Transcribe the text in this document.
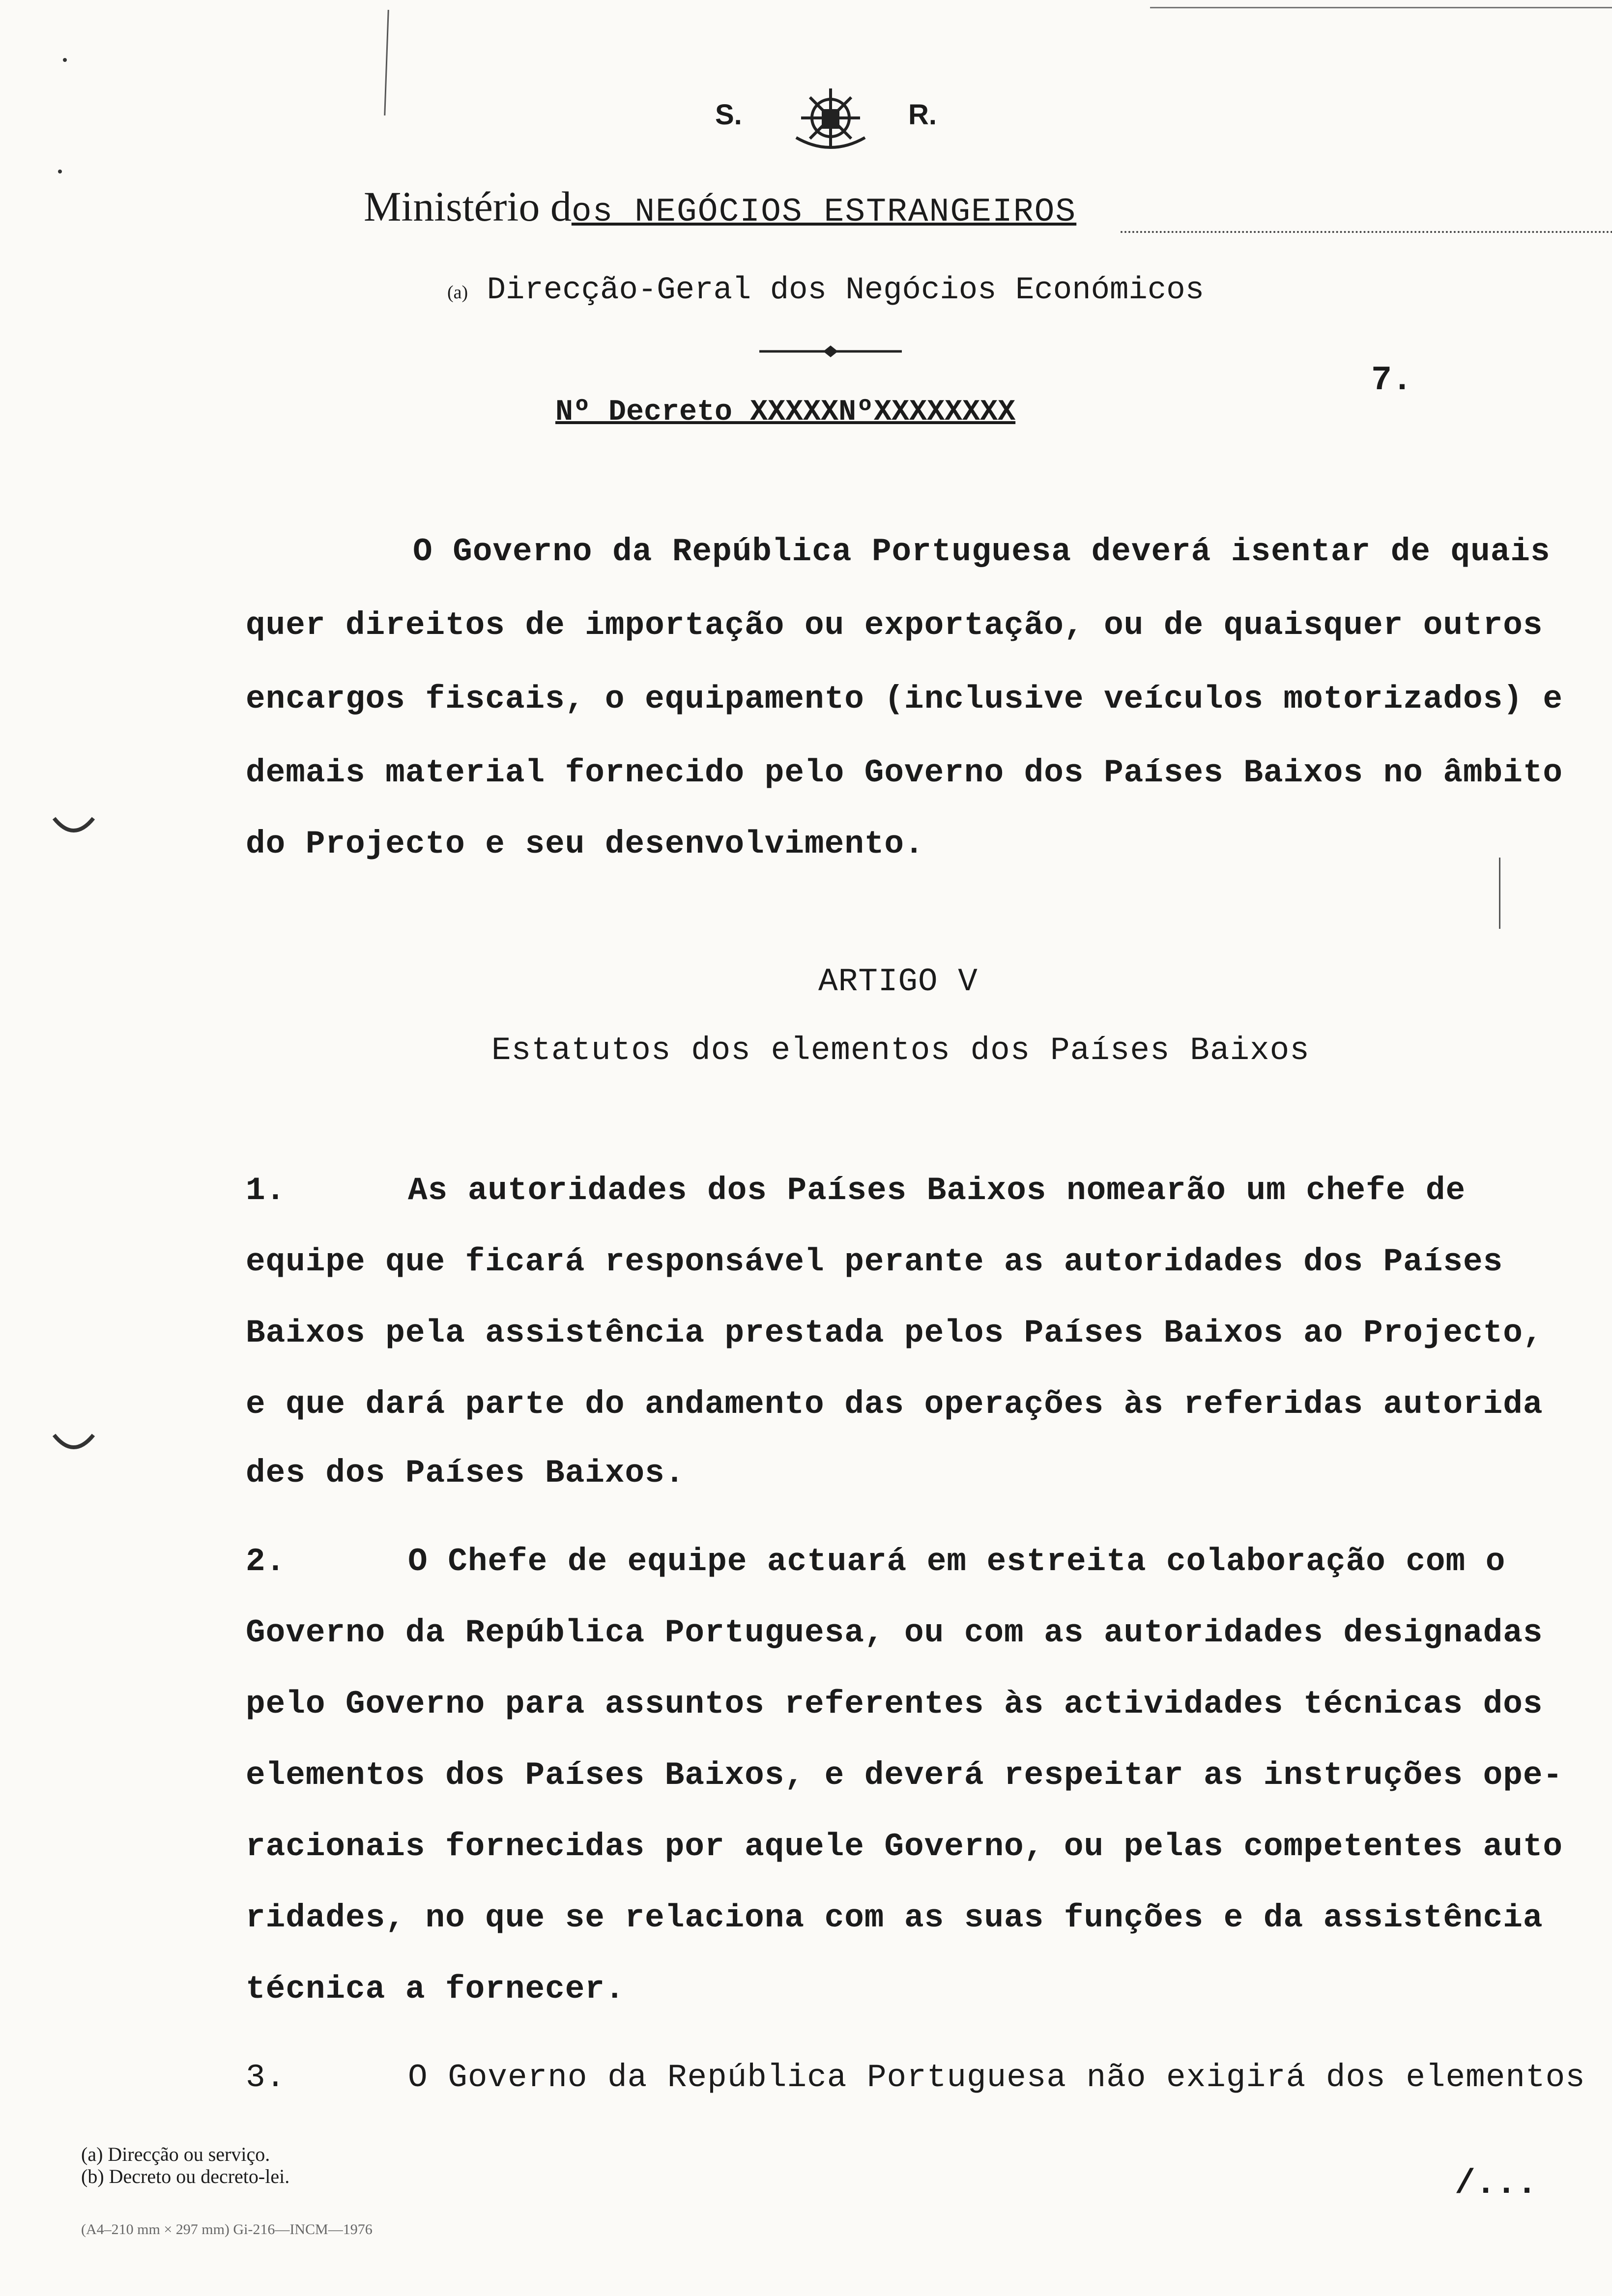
S.	R.
Ministério dos NEGÓCIOS ESTRANGEIROS
(a) Direcção-Geral dos Negócios Económicos
7.
Nº Decreto XXXXXNºXXXXXXXX
O Governo da República Portuguesa deverá isentar de quais
quer direitos de importação ou exportação, ou de quaisquer outros
encargos fiscais, o equipamento (inclusive veículos motorizados) e
demais material fornecido pelo Governo dos Países Baixos no âmbito
do Projecto e seu desenvolvimento.
ARTIGO V
Estatutos dos elementos dos Países Baixos
1.	As autoridades dos Países Baixos nomearão um chefe de
equipe que ficará responsável perante as autoridades dos Países
Baixos pela assistência prestada pelos Países Baixos ao Projecto,
e que dará parte do andamento das operações às referidas autorida
des dos Países Baixos.
2.	O Chefe de equipe actuará em estreita colaboração com o
Governo da República Portuguesa, ou com as autoridades designadas
pelo Governo para assuntos referentes às actividades técnicas dos
elementos dos Países Baixos, e deverá respeitar as instruções ope-
racionais fornecidas por aquele Governo, ou pelas competentes auto
ridades, no que se relaciona com as suas funções e da assistência
técnica a fornecer.
3.	O Governo da República Portuguesa não exigirá dos elementos
(a) Direcção ou serviço.
(b) Decreto ou decreto-lei.
(A4–210 mm × 297 mm) Gi-216—INCM—1976
/...
